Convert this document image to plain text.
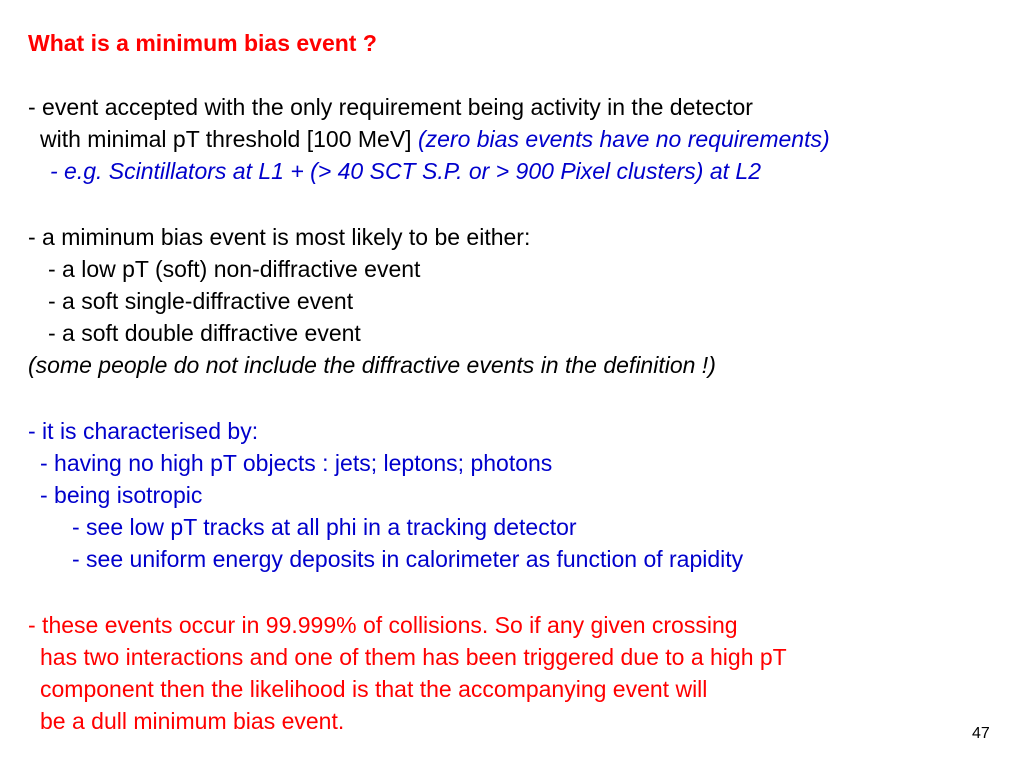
What is a minimum bias event ?
- event accepted with the only requirement being activity in the detector
with minimal pT threshold [100 MeV] (zero bias events have no requirements)
- e.g. Scintillators at L1 + (> 40 SCT S.P. or > 900 Pixel clusters) at L2
- a miminum bias event is most likely to be either:
- a low pT (soft) non-diffractive event
- a soft single-diffractive event
- a soft double diffractive event
(some people do not include the diffractive events in the definition !)
- it is characterised by:
- having no high pT objects : jets; leptons; photons
- being isotropic
- see low pT tracks at all phi in a tracking detector
- see uniform energy deposits in calorimeter as function of rapidity
- these events occur in 99.999% of collisions. So if any given crossing
has two interactions and one of them has been triggered due to a high pT
component then the likelihood is that the accompanying event will
be a dull minimum bias event.	47
